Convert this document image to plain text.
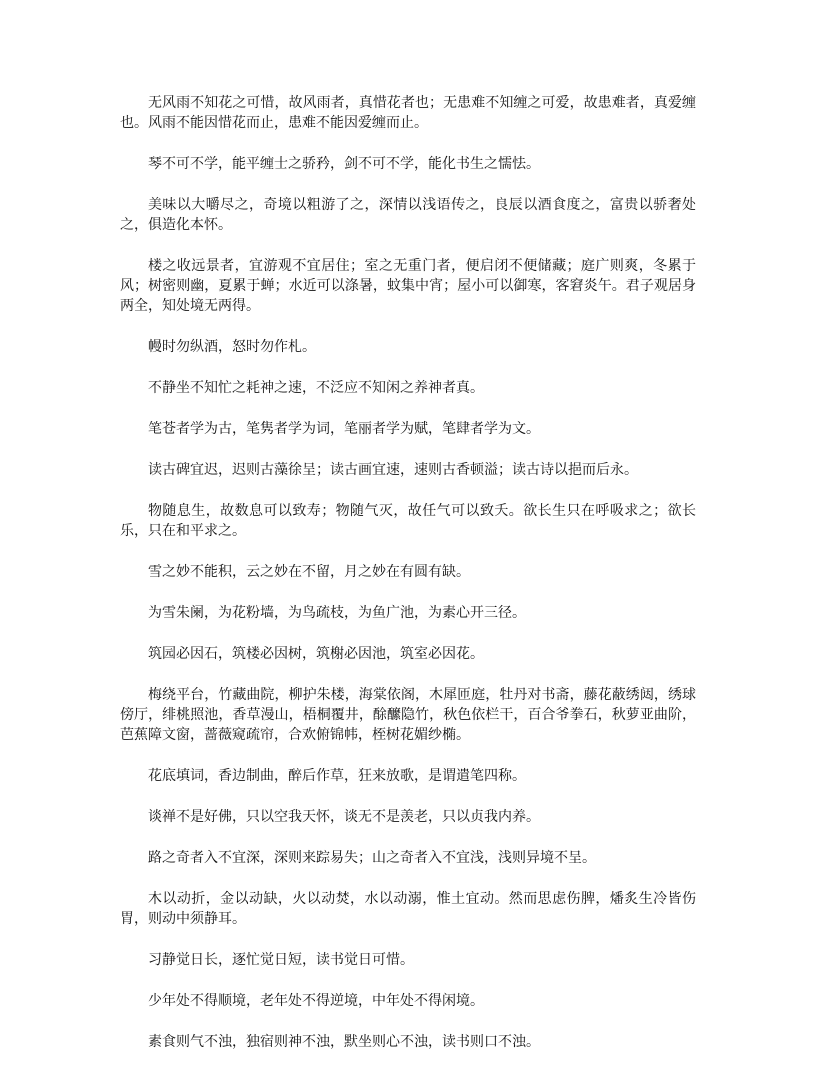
无风雨不知花之可惜，故风雨者，真惜花者也；无患难不知缠之可爱，故患难者，真爱缠也。风雨不能因惜花而止，患难不能因爱缠而止。

琴不可不学，能平缠士之骄矜，剑不可不学，能化书生之懦怯。

美味以大嚼尽之，奇境以粗游了之，深情以浅语传之，良辰以酒食度之，富贵以骄奢处之，俱造化本怀。

楼之收远景者，宜游观不宜居住；室之无重门者，便启闭不便储藏；庭广则爽，冬累于风；树密则幽，夏累于蝉；水近可以涤暑，蚊集中宵；屋小可以御寒，客窘炎午。君子观居身两全，知处境无两得。

幔时勿纵酒，怒时勿作札。

不静坐不知忙之耗神之速，不泛应不知闲之养神者真。

笔苍者学为古，笔隽者学为词，笔丽者学为赋，笔肆者学为文。

读古碑宜迟，迟则古藻徐呈；读古画宜速，速则古香顿溢；读古诗以挹而后永。

物随息生，故数息可以致寿；物随气灭，故任气可以致夭。欲长生只在呼吸求之；欲长乐，只在和平求之。

雪之妙不能积，云之妙在不留，月之妙在有圆有缺。

为雪朱阑，为花粉墙，为鸟疏枝，为鱼广池，为素心开三径。

筑园必因石，筑楼必因树，筑榭必因池，筑室必因花。

梅绕平台，竹藏曲院，柳护朱楼，海棠依阁，木犀匝庭，牡丹对书斋，藤花蔽绣闼，绣球傍厅，绯桃照池，香草漫山，梧桐覆井，酴醿隐竹，秋色依栏干，百合爷拳石，秋萝亚曲阶，芭蕉障文窗，蔷薇窥疏帘，合欢俯锦帏，桎树花媚纱椭。

花底填词，香边制曲，醉后作草，狂来放歌，是谓遣笔四称。

谈禅不是好佛，只以空我天怀，谈无不是羡老，只以贞我内养。

路之奇者入不宜深，深则来踪易失；山之奇者入不宜浅，浅则异境不呈。

木以动折，金以动缺，火以动焚，水以动溺，惟土宜动。然而思虑伤脾，燔炙生冷皆伤胃，则动中须静耳。

习静觉日长，逐忙觉日短，读书觉日可惜。

少年处不得顺境，老年处不得逆境，中年处不得闲境。

素食则气不浊，独宿则神不浊，默坐则心不浊，读书则口不浊。
